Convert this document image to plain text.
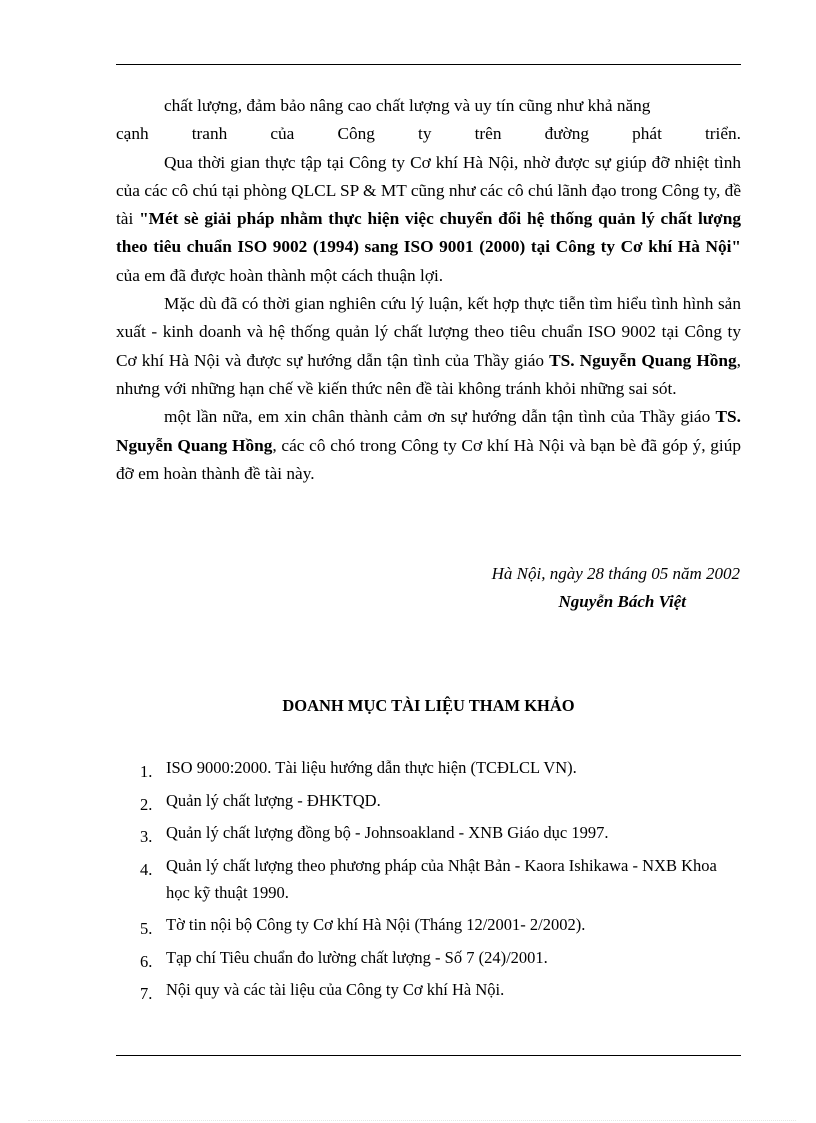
chất lượng, đảm bảo nâng cao chất lượng và uy tín cũng như khả năng

cạnh tranh của Công ty trên đường phát triển.

Qua thời gian thực tập tại Công ty Cơ khí Hà Nội, nhờ được sự giúp đỡ nhiệt tình của các cô chú tại phòng QLCL SP & MT cũng như các cô chú lãnh đạo trong Công ty, đề tài "Mét sè giải pháp nhằm thực hiện việc chuyển đổi hệ thống quản lý chất lượng theo tiêu chuẩn ISO 9002 (1994) sang ISO 9001 (2000) tại Công ty Cơ khí Hà Nội" của em đã được hoàn thành một cách thuận lợi.

Mặc dù đã có thời gian nghiên cứu lý luận, kết hợp thực tiễn tìm hiểu tình hình sản xuất - kinh doanh và hệ thống quản lý chất lượng theo tiêu chuẩn ISO 9002 tại Công ty Cơ khí Hà Nội và được sự hướng dẫn tận tình của Thầy giáo TS. Nguyễn Quang Hồng, nhưng với những hạn chế về kiến thức nên đề tài không tránh khỏi những sai sót.

một lần nữa, em xin chân thành cảm ơn sự hướng dẫn tận tình của Thầy giáo TS. Nguyễn Quang Hồng, các cô chó trong Công ty Cơ khí Hà Nội và bạn bè đã góp ý, giúp đỡ em hoàn thành đề tài này.

Hà Nội, ngày 28 tháng 05 năm 2002
Nguyễn Bách Việt
DOANH MỤC TÀI LIỆU THAM KHẢO
1. ISO 9000:2000. Tài liệu hướng dẫn thực hiện (TCĐLCL VN).
2. Quản lý chất lượng - ĐHKTQD.
3. Quản lý chất lượng đồng bộ - Johnsoakland - XNB Giáo dục 1997.
4. Quản lý chất lượng theo phương pháp của Nhật Bản - Kaora Ishikawa - NXB Khoa học kỹ thuật 1990.
5. Tờ tin nội bộ Công ty Cơ khí Hà Nội (Tháng 12/2001- 2/2002).
6. Tạp chí Tiêu chuẩn đo lường chất lượng - Số 7 (24)/2001.
7. Nội quy và các tài liệu của Công ty Cơ khí Hà Nội.
